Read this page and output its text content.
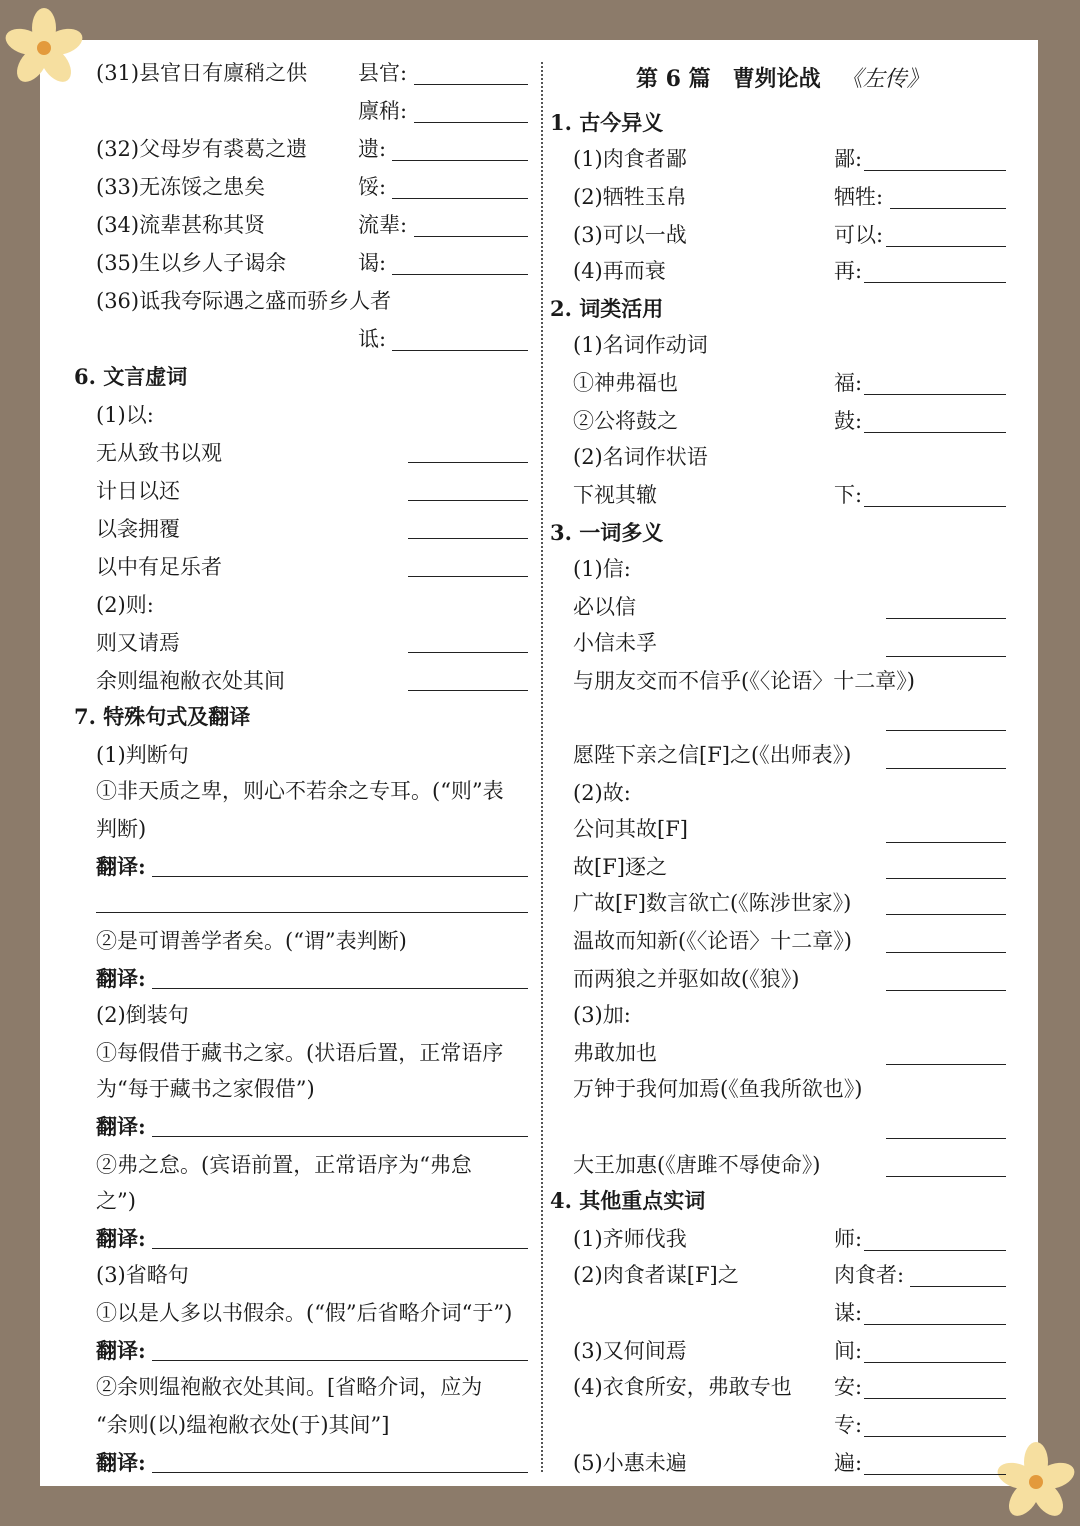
第 6 篇　曹刿论战 《左传》
(31)县官日有廪稍之供 县官:
廪稍:
(32)父母岁有裘葛之遗 遗:
(33)无冻馁之患矣	馁:
(34)流辈甚称其贤	流辈:
(35)生以乡人子谒余	谒:
(36)诋我夸际遇之盛而骄乡人者
诋:
6. 文言虚词
(1)以:
无从致书以观
计日以还
以衾拥覆
以中有足乐者
(2)则:
则又请焉
余则缊袍敝衣处其间
7. 特殊句式及翻译
(1)判断句
①非天质之卑，则心不若余之专耳。(“则”表
判断)
翻译:
②是可谓善学者矣。(“谓”表判断)
翻译:
(2)倒装句
①每假借于藏书之家。(状语后置，正常语序
为“每于藏书之家假借”)
翻译:
②弗之怠。(宾语前置，正常语序为“弗怠
之”)
翻译:
(3)省略句
①以是人多以书假余。(“假”后省略介词“于”)
翻译:
②余则缊袍敝衣处其间。[省略介词，应为
“余则(以)缊袍敝衣处(于)其间”]
翻译:
1. 古今异义
(1)肉食者鄙	鄙:
(2)牺牲玉帛	牺牲:
(3)可以一战	可以:
(4)再而衰	再:
2. 词类活用
(1)名词作动词
①神弗福也	福:
②公将鼓之	鼓:
(2)名词作状语
下视其辙	下:
3. 一词多义
(1)信:
必以信
小信未孚
与朋友交而不信乎(《〈论语〉十二章》)
愿陛下亲之信[F]之(《出师表》)
(2)故:
公问其故[F]
故[F]逐之
广故[F]数言欲亡(《陈涉世家》)
温故而知新(《〈论语〉十二章》)
而两狼之并驱如故(《狼》)
(3)加:
弗敢加也
万钟于我何加焉(《鱼我所欲也》)
大王加惠(《唐雎不辱使命》)
4. 其他重点实词
(1)齐师伐我	师:
(2)肉食者谋[F]之	肉食者:
谋:
(3)又何间焉	间:
(4)衣食所安，弗敢专也 安:
专:
(5)小惠未遍	遍:
